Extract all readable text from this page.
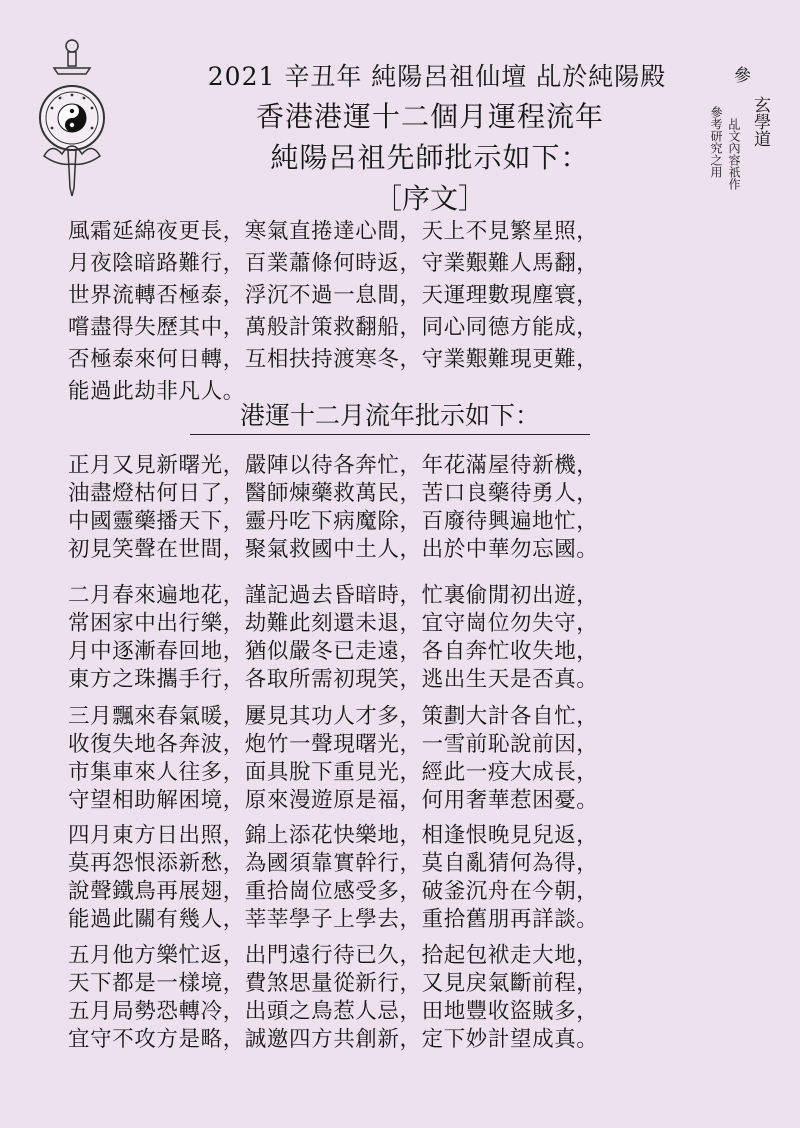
2021 辛丑年 純陽呂祖仙壇 乩於純陽殿
香港港運十二個月運程流年
純陽呂祖先師批示如下：
［序文］
參
玄學道
乩文內容祇作
參考研究之用
風霜延綿夜更長，寒氣直捲達心間，天上不見繁星照，
月夜陰暗路難行，百業蕭條何時返，守業艱難人馬翻，
世界流轉否極泰，浮沉不過一息間，天運理數現塵寰，
嚐盡得失歷其中，萬般計策救翻船，同心同德方能成，
否極泰來何日轉，互相扶持渡寒冬，守業艱難現更難，
能過此劫非凡人。
港運十二月流年批示如下：
正月又見新曙光，嚴陣以待各奔忙，年花滿屋待新機，
油盡燈枯何日了，醫師煉藥救萬民，苦口良藥待勇人，
中國靈藥播天下，靈丹吃下病魔除，百廢待興遍地忙，
初見笑聲在世間，聚氣救國中土人，出於中華勿忘國。
二月春來遍地花，謹記過去昏暗時，忙裏偷閒初出遊，
常困家中出行樂，劫難此刻還未退，宜守崗位勿失守，
月中逐漸春回地，猶似嚴冬已走遠，各自奔忙收失地，
東方之珠攜手行，各取所需初現笑，逃出生天是否真。
三月飄來春氣暖，屢見其功人才多，策劃大計各自忙，
收復失地各奔波，炮竹一聲現曙光，一雪前恥說前因，
市集車來人往多，面具脫下重見光，經此一疫大成長，
守望相助解困境，原來漫遊原是福，何用奢華惹困憂。
四月東方日出照，錦上添花快樂地，相逢恨晚見兒返，
莫再怨恨添新愁，為國須靠實幹行，莫自亂猜何為得，
說聲鐵鳥再展翅，重拾崗位感受多，破釜沉舟在今朝，
能過此關有幾人，莘莘學子上學去，重拾舊朋再詳談。
五月他方樂忙返，出門遠行待已久，拾起包袱走大地，
天下都是一樣境，費煞思量從新行，又見戾氣斷前程，
五月局勢恐轉冷，出頭之鳥惹人忌，田地豐收盜賊多，
宜守不攻方是略，誠邀四方共創新，定下妙計望成真。
